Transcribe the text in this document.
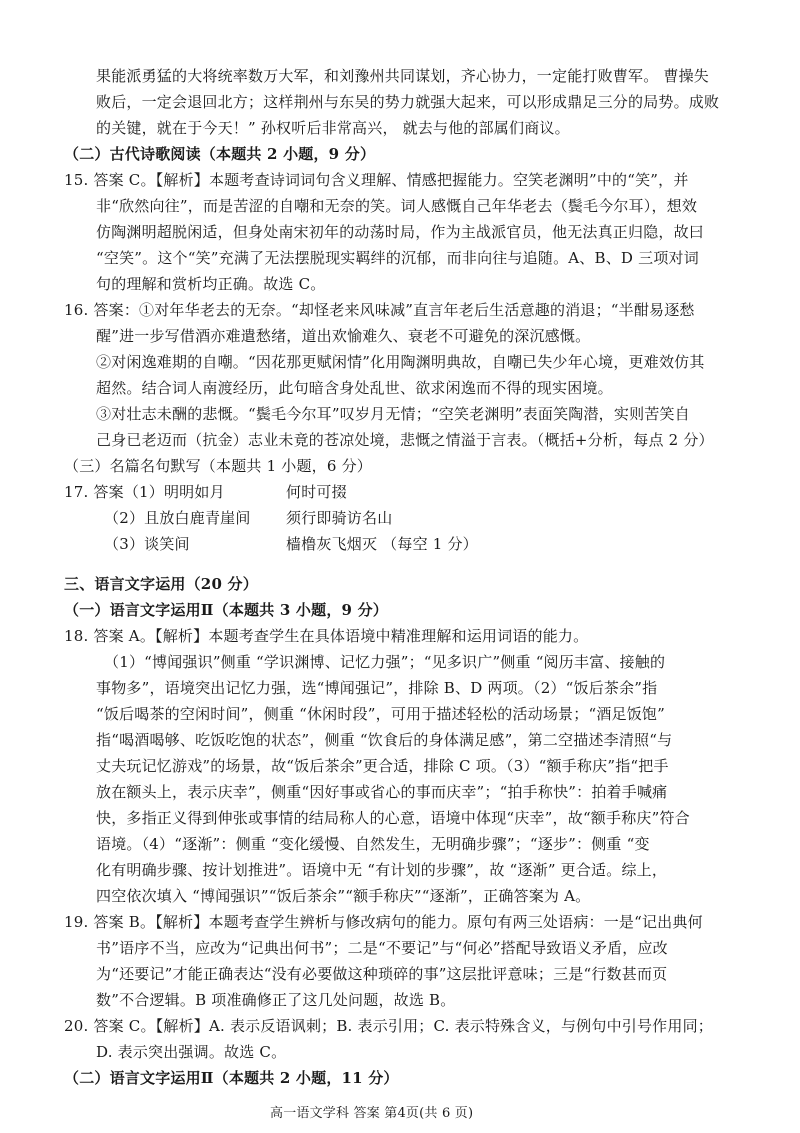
果能派勇猛的大将统率数万大军，和刘豫州共同谋划，齐心协力，一定能打败曹军。 曹操失

败后，一定会退回北方；这样荆州与东吴的势力就强大起来，可以形成鼎足三分的局势。成败

的关键，就在于今天！” 孙权听后非常高兴， 就去与他的部属们商议。

（二）古代诗歌阅读（本题共 2 小题，9 分）

15. 答案 C。【解析】本题考查诗词词句含义理解、情感把握能力。空笑老渊明”中的“笑”，并

非“欣然向往”，而是苦涩的自嘲和无奈的笑。词人感慨自己年华老去（鬓毛今尔耳），想效

仿陶渊明超脱闲适，但身处南宋初年的动荡时局，作为主战派官员，他无法真正归隐，故曰

“空笑”。这个“笑”充满了无法摆脱现实羁绊的沉郁，而非向往与追随。A、B、D 三项对词

句的理解和赏析均正确。故选 C。

16. 答案：①对年华老去的无奈。“却怪老来风味减”直言年老后生活意趣的消退；“半酣易逐愁

醒”进一步写借酒亦难遣愁绪，道出欢愉难久、衰老不可避免的深沉感慨。

②对闲逸难期的自嘲。“因花那更赋闲情”化用陶渊明典故，自嘲已失少年心境，更难效仿其

超然。结合词人南渡经历，此句暗含身处乱世、欲求闲逸而不得的现实困境。

③对壮志未酬的悲慨。“鬓毛今尔耳”叹岁月无情；“空笑老渊明”表面笑陶潜，实则苦笑自

己身已老迈而（抗金）志业未竟的苍凉处境，悲慨之情溢于言表。（概括+分析，每点 2 分）

（三）名篇名句默写（本题共 1 小题，6 分）

17. 答案（1）明明如月	何时可掇

（2）且放白鹿青崖间 须行即骑访名山

（3）谈笑间	樯橹灰飞烟灭 （每空 1 分）

三、语言文字运用（20 分）

（一）语言文字运用Ⅱ（本题共 3 小题，9 分）

18. 答案 A。【解析】本题考查学生在具体语境中精准理解和运用词语的能力。

（1）“博闻强识”侧重 “学识渊博、记忆力强”；“见多识广”侧重 “阅历丰富、接触的

事物多”，语境突出记忆力强，选“博闻强记”，排除 B、D 两项。（2）“饭后茶余”指

“饭后喝茶的空闲时间”，侧重 “休闲时段”，可用于描述轻松的活动场景；“酒足饭饱”

指“喝酒喝够、吃饭吃饱的状态”，侧重 “饮食后的身体满足感”，第二空描述李清照“与

丈夫玩记忆游戏”的场景，故“饭后茶余”更合适，排除 C 项。（3）“额手称庆”指“把手

放在额头上，表示庆幸”，侧重“因好事或省心的事而庆幸”；“拍手称快”：拍着手喊痛

快，多指正义得到伸张或事情的结局称人的心意，语境中体现“庆幸”，故“额手称庆”符合

语境。（4）“逐渐”：侧重 “变化缓慢、自然发生，无明确步骤”；“逐步”：侧重 “变

化有明确步骤、按计划推进”。语境中无 “有计划的步骤”，故 “逐渐” 更合适。综上，

四空依次填入 “博闻强识”“饭后茶余”“额手称庆”“逐渐”，正确答案为 A。

19. 答案 B。【解析】本题考查学生辨析与修改病句的能力。原句有两三处语病：一是“记出典何

书”语序不当，应改为“记典出何书”；二是“不要记”与“何必”搭配导致语义矛盾，应改

为“还要记”才能正确表达“没有必要做这种琐碎的事”这层批评意味；三是“行数甚而页

数”不合逻辑。B 项准确修正了这几处问题，故选 B。

20. 答案 C。【解析】A. 表示反语讽刺；B. 表示引用；C. 表示特殊含义，与例句中引号作用同；

D. 表示突出强调。故选 C。

（二）语言文字运用Ⅱ（本题共 2 小题，11 分）

高一语文学科 答案 第4页(共 6 页)
